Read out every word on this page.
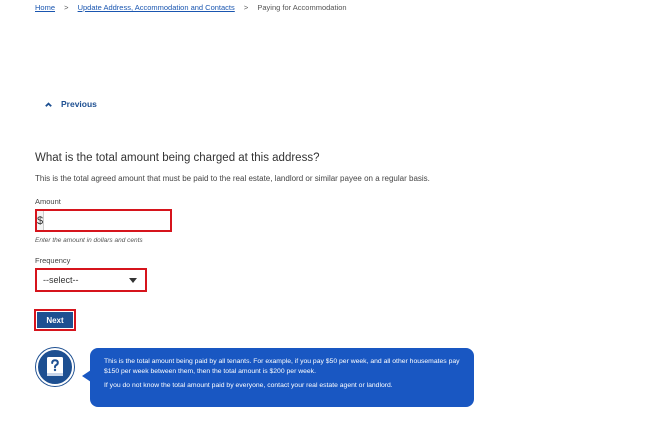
Home > Update Address, Accommodation and Contacts > Paying for Accommodation
Previous
What is the total amount being charged at this address?

This is the total agreed amount that must be paid to the real estate, landlord or similar payee on a regular basis.

Amount
$
Enter the amount in dollars and cents
Frequency
--select--
Next

This is the total amount being paid by all tenants. For example, if you pay $50 per week, and all other housemates pay $150 per week between them, then the total amount is $200 per week.

If you do not know the total amount paid by everyone, contact your real estate agent or landlord.
